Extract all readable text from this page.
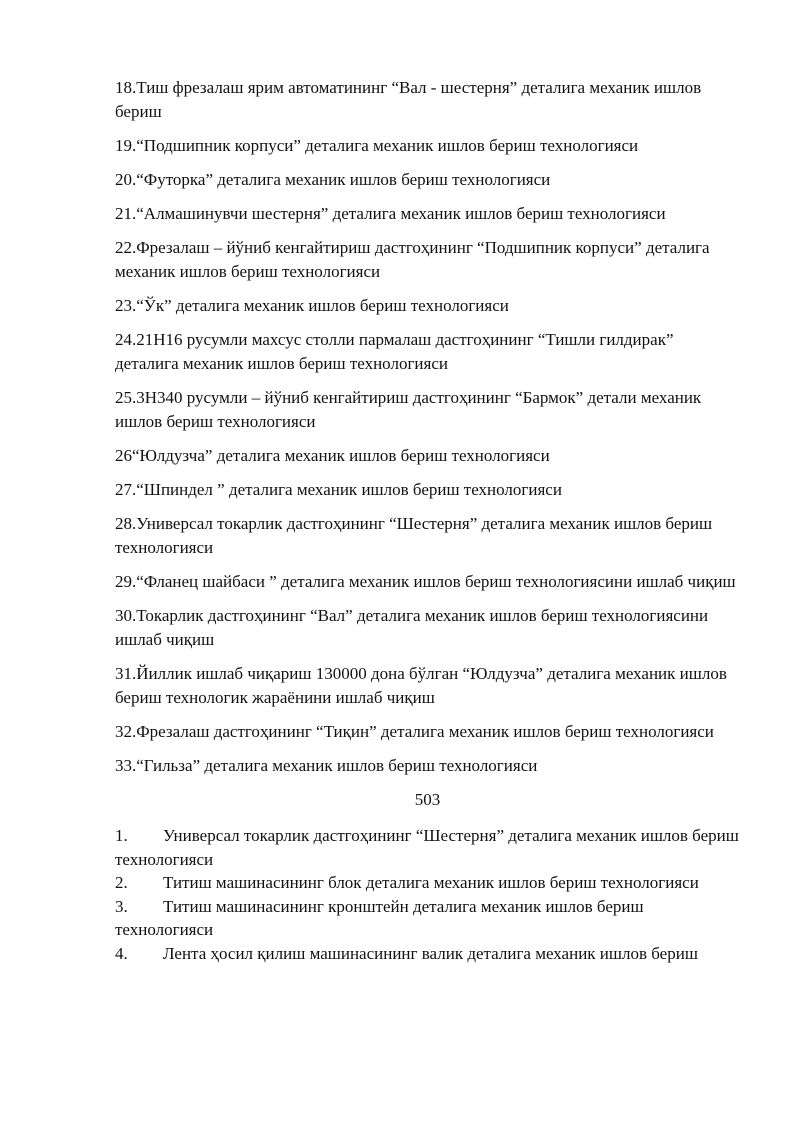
18.Тиш фрезалаш ярим автоматининг “Вал - шестерня” деталига механик ишлов бериш

19.“Подшипник корпуси” деталига механик ишлов бериш технологияси

20.“Футорка” деталига механик ишлов бериш технологияси

21.“Алмашинувчи шестерня” деталига механик ишлов бериш технологияси

22.Фрезалаш – йўниб кенгайтириш дастгоҳининг “Подшипник корпуси” деталига механик ишлов бериш технологияси

23.“Ўк” деталига механик ишлов бериш технологияси

24.21Н16 русумли махсус столли пармалаш дастгоҳининг “Тишли гилдирак” деталига механик ишлов бериш технологияси

25.3Н340 русумли – йўниб кенгайтириш дастгоҳининг “Бармок” детали механик ишлов бериш технологияси

26“Юлдузча” деталига механик ишлов бериш технологияси

27.“Шпиндел ” деталига механик ишлов бериш технологияси

28.Универсал токарлик дастгоҳининг “Шестерня” деталига механик ишлов бериш технологияси

29.“Фланец шайбаси ” деталига механик ишлов бериш технологиясини ишлаб чиқиш

30.Токарлик дастгоҳининг “Вал” деталига механик ишлов бериш технологиясини ишлаб чиқиш

31.Йиллик ишлаб чиқариш 130000 дона бўлган “Юлдузча” деталига механик ишлов бериш технологик жараёнини ишлаб чиқиш

32.Фрезалаш дастгоҳининг “Тиқин” деталига механик ишлов бериш технологияси

33.“Гильза” деталига механик ишлов бериш технологияси

503

1. Универсал токарлик дастгоҳининг “Шестерня” деталига механик ишлов бериш технологияси

2. Титиш машинасининг блок деталига механик ишлов бериш технологияси

3. Титиш машинасининг кронштейн деталига механик ишлов бериш технологияси

4. Лента ҳосил қилиш машинасининг валик деталига механик ишлов бериш
